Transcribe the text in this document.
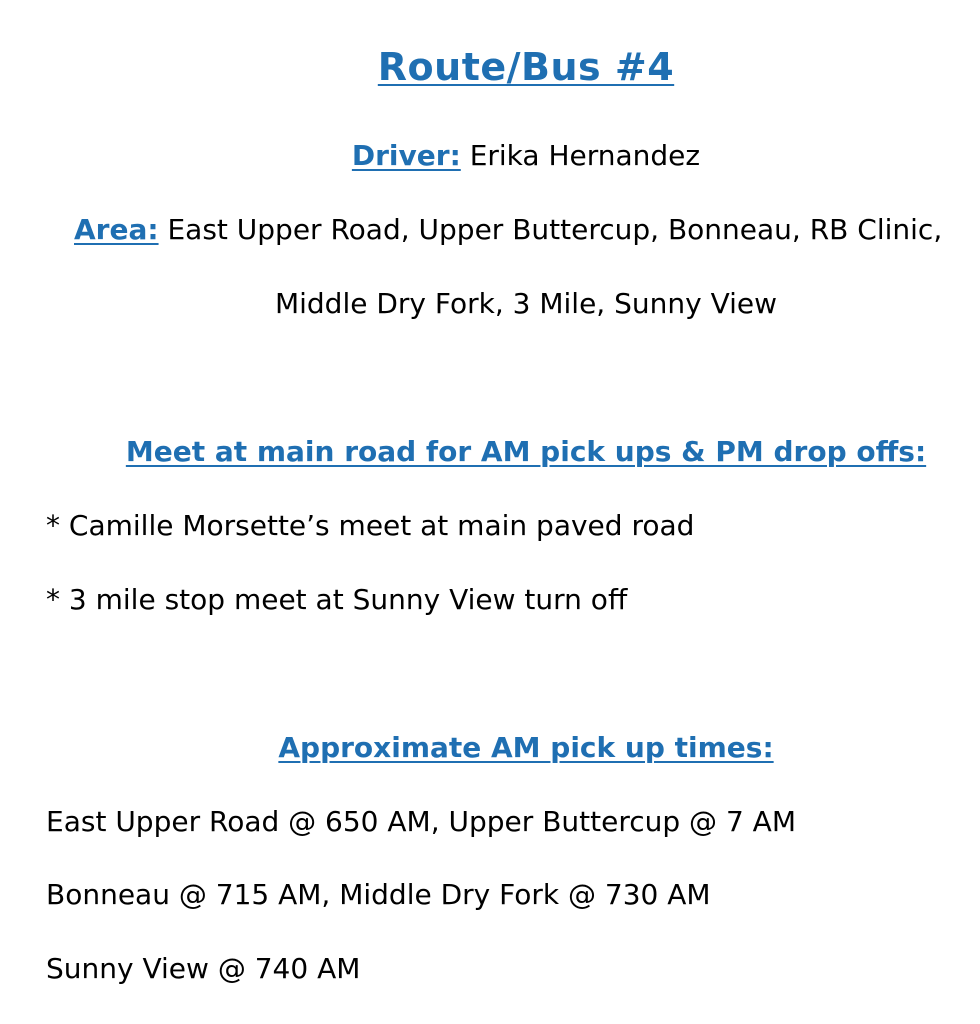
Route/Bus #4
Driver: Erika Hernandez
Area: East Upper Road, Upper Buttercup, Bonneau, RB Clinic,
Middle Dry Fork, 3 Mile, Sunny View
Meet at main road for AM pick ups & PM drop offs:
* Camille Morsette’s meet at main paved road
* 3 mile stop meet at Sunny View turn off
Approximate AM pick up times:
East Upper Road @ 650 AM, Upper Buttercup @ 7 AM
Bonneau @ 715 AM, Middle Dry Fork @ 730 AM
Sunny View @ 740 AM
